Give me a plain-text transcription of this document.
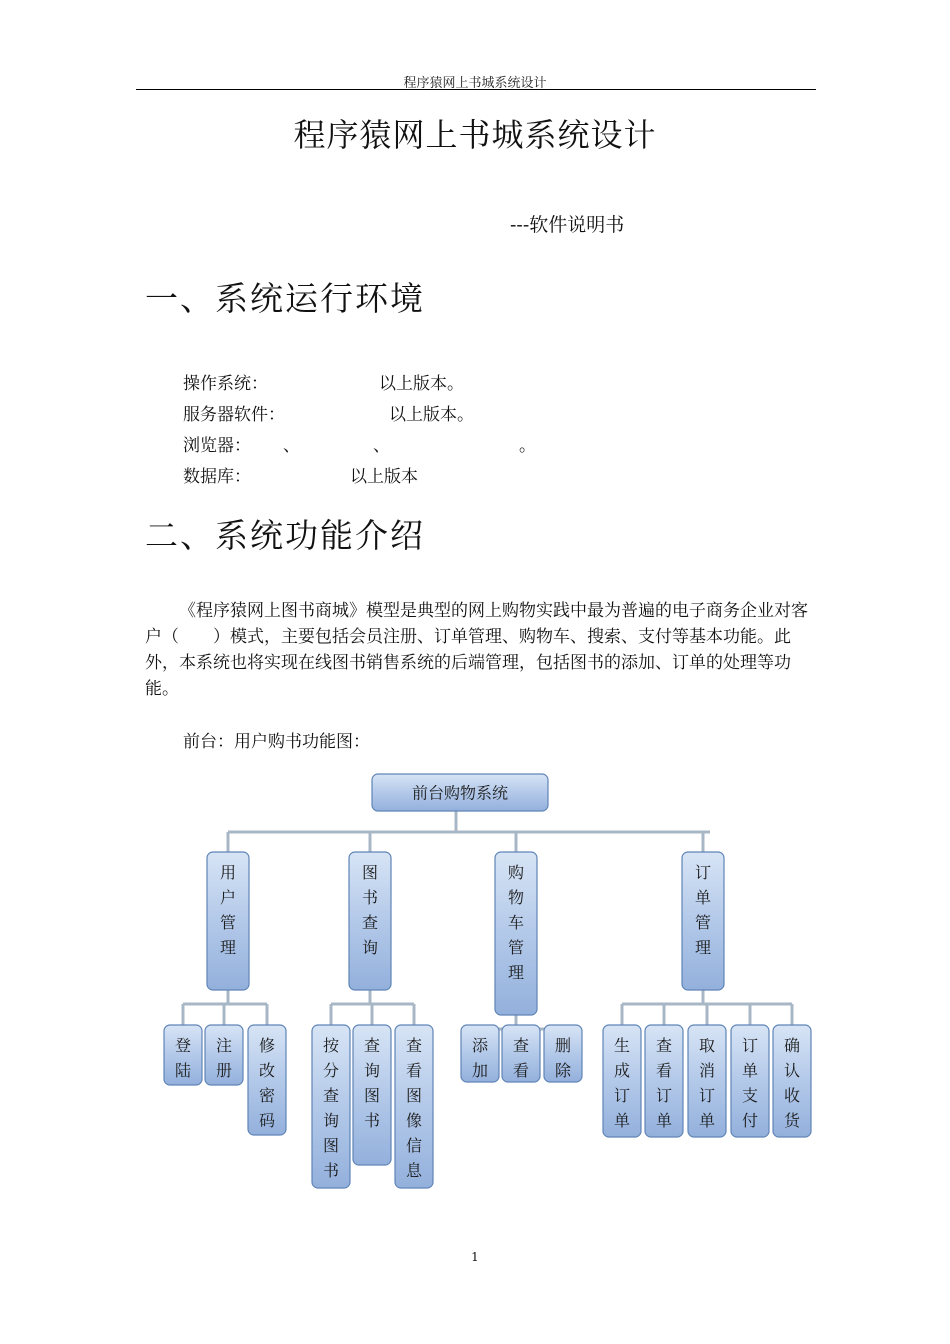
程序猿网上书城系统设计
程序猿网上书城系统设计
---软件说明书
一、系统运行环境
操作系统：	以上版本。
服务器软件：	以上版本。
浏览器： 、	、	。
数据库：	以上版本
二、系统功能介绍
《程序猿网上图书商城》模型是典型的网上购物实践中最为普遍的电子商务企业对客户（　　）模式，主要包括会员注册、订单管理、购物车、搜索、支付等基本功能。此外，本系统也将实现在线图书销售系统的后端管理，包括图书的添加、订单的处理等功能。
前台：用户购书功能图：
前台购物系统
用户管理
登陆
注册
修改密码
图书查询
按分查询图书
查询图书
查看图像信息
购物车管理
添加
查看
删除
订单管理
生成订单
查看订单
取消订单
订单支付
确认收货
1
